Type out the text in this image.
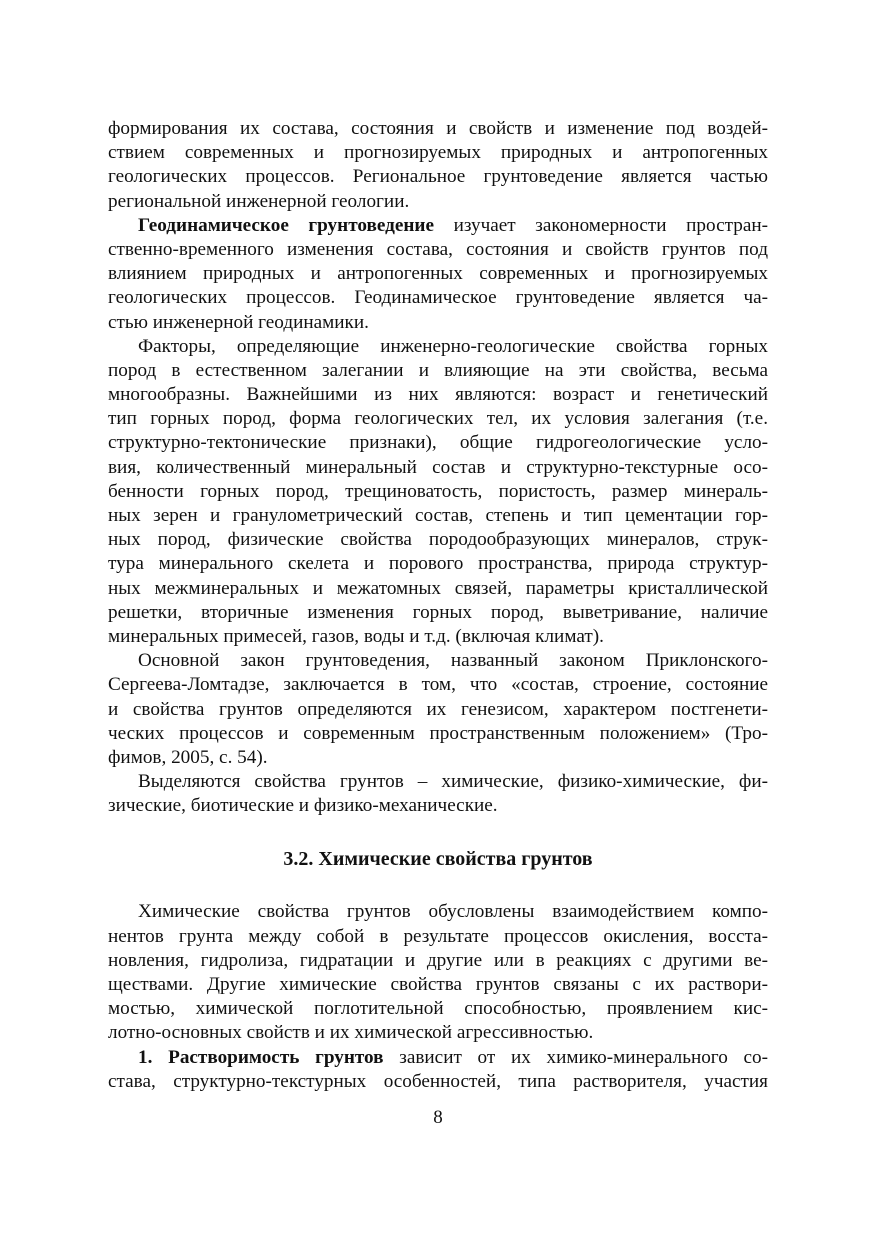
формирования их состава, состояния и свойств и изменение под воздей-
ствием современных и прогнозируемых природных и антропогенных
геологических процессов. Региональное грунтоведение является частью
региональной инженерной геологии.
Геодинамическое грунтоведение изучает закономерности простран-
ственно-временного изменения состава, состояния и свойств грунтов под
влиянием природных и антропогенных современных и прогнозируемых
геологических процессов. Геодинамическое грунтоведение является ча-
стью инженерной геодинамики.
Факторы, определяющие инженерно-геологические свойства горных
пород в естественном залегании и влияющие на эти свойства, весьма
многообразны. Важнейшими из них являются: возраст и генетический
тип горных пород, форма геологических тел, их условия залегания (т.е.
структурно-тектонические признаки), общие гидрогеологические усло-
вия, количественный минеральный состав и структурно-текстурные осо-
бенности горных пород, трещиноватость, пористость, размер минераль-
ных зерен и гранулометрический состав, степень и тип цементации гор-
ных пород, физические свойства породообразующих минералов, струк-
тура минерального скелета и порового пространства, природа структур-
ных межминеральных и межатомных связей, параметры кристаллической
решетки, вторичные изменения горных пород, выветривание, наличие
минеральных примесей, газов, воды и т.д. (включая климат).
Основной закон грунтоведения, названный законом Приклонского-
Сергеева-Ломтадзе, заключается в том, что «состав, строение, состояние
и свойства грунтов определяются их генезисом, характером постгенети-
ческих процессов и современным пространственным положением» (Тро-
фимов, 2005, с. 54).
Выделяются свойства грунтов – химические, физико-химические, фи-
зические, биотические и физико-механические.
3.2. Химические свойства грунтов
Химические свойства грунтов обусловлены взаимодействием компо-
нентов грунта между собой в результате процессов окисления, восста-
новления, гидролиза, гидратации и другие или в реакциях с другими ве-
ществами. Другие химические свойства грунтов связаны с их раствори-
мостью, химической поглотительной способностью, проявлением кис-
лотно-основных свойств и их химической агрессивностью.
1. Растворимость грунтов зависит от их химико-минерального со-
става, структурно-текстурных особенностей, типа растворителя, участия
8
